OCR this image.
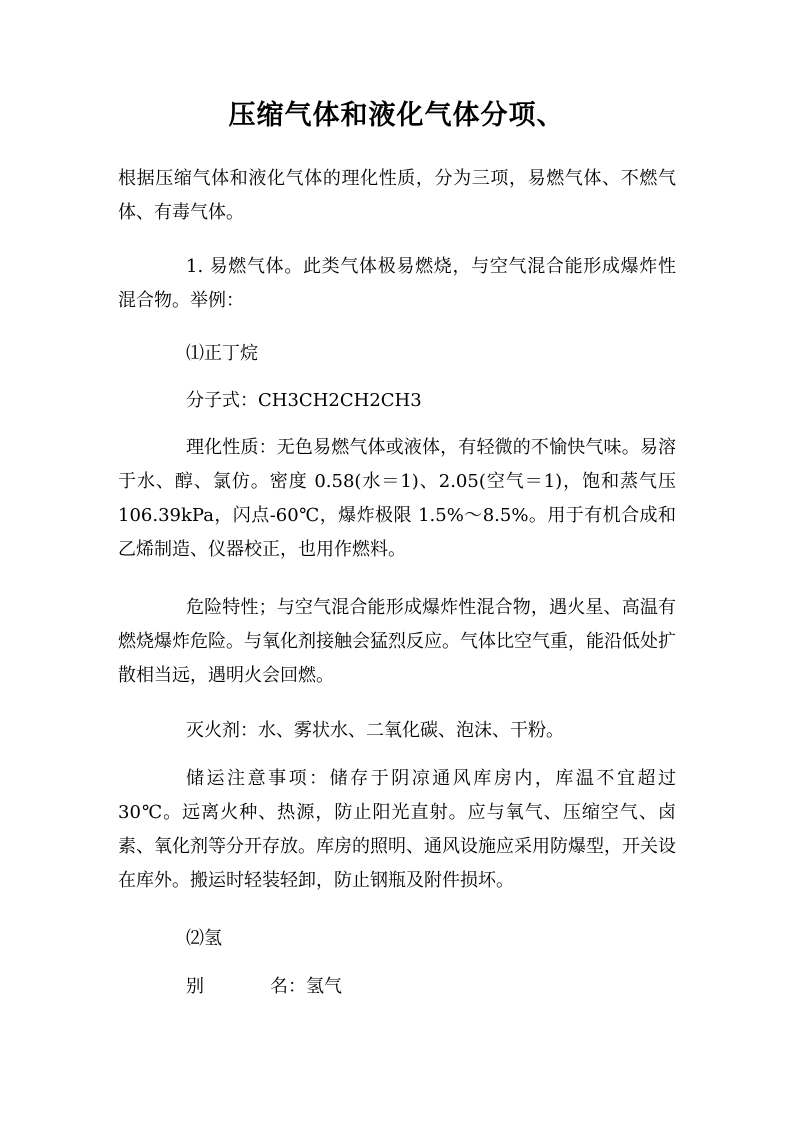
压缩气体和液化气体分项、

根据压缩气体和液化气体的理化性质，分为三项，易燃气体、不燃气体、有毒气体。

1. 易燃气体。此类气体极易燃烧，与空气混合能形成爆炸性混合物。举例：

⑴正丁烷

分子式：CH3CH2CH2CH3

理化性质：无色易燃气体或液体，有轻微的不愉快气味。易溶于水、醇、氯仿。密度 0.58(水＝1)、2.05(空气＝1)，饱和蒸气压 106.39kPa，闪点-60℃，爆炸极限 1.5%～8.5%。用于有机合成和乙烯制造、仪器校正，也用作燃料。

危险特性；与空气混合能形成爆炸性混合物，遇火星、高温有燃烧爆炸危险。与氧化剂接触会猛烈反应。气体比空气重，能沿低处扩散相当远，遇明火会回燃。

灭火剂：水、雾状水、二氧化碳、泡沫、干粉。

储运注意事项：储存于阴凉通风库房内，库温不宜超过30℃。远离火种、热源，防止阳光直射。应与氧气、压缩空气、卤素、氧化剂等分开存放。库房的照明、通风设施应采用防爆型，开关设在库外。搬运时轻装轻卸，防止钢瓶及附件损坏。

⑵氢

别	名：氢气
